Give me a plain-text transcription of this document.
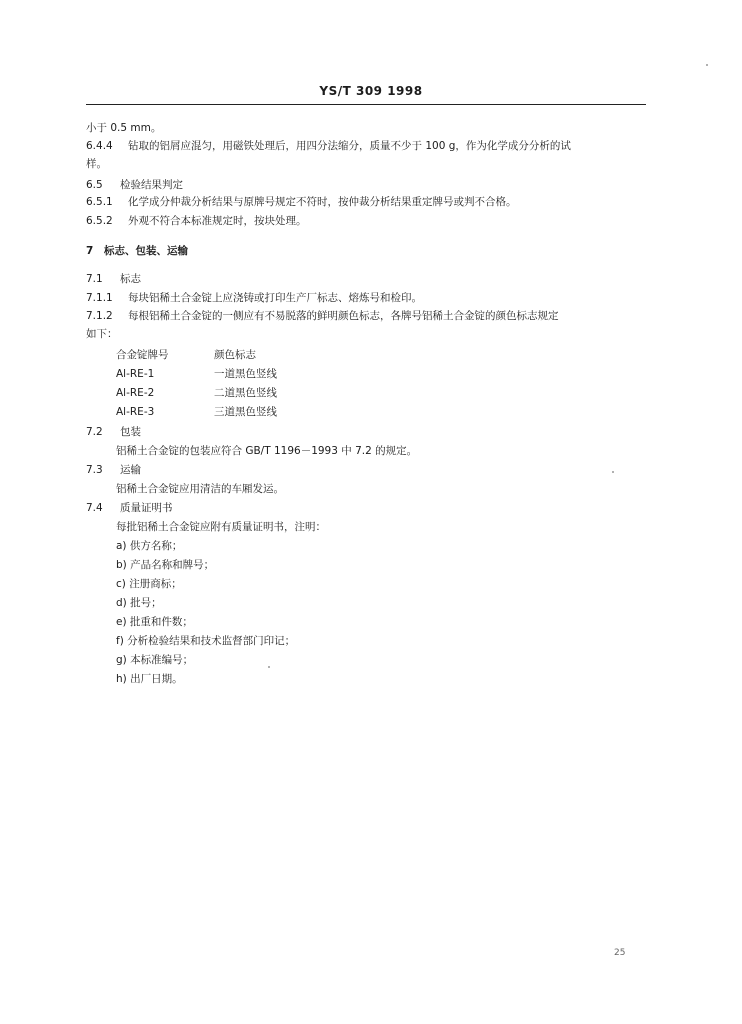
YS/T 309 1998
小于 0.5 mm。
6.4.4 钻取的铝屑应混匀，用磁铁处理后，用四分法缩分，质量不少于 100 g，作为化学成分分析的试
样。
6.5 检验结果判定
6.5.1 化学成分仲裁分析结果与原牌号规定不符时，按仲裁分析结果重定牌号或判不合格。
6.5.2 外观不符合本标准规定时，按块处理。
7 标志、包装、运输
7.1 标志
7.1.1 每块铝稀土合金锭上应浇铸或打印生产厂标志、熔炼号和检印。
7.1.2 每根铝稀土合金锭的一侧应有不易脱落的鲜明颜色标志，各牌号铝稀土合金锭的颜色标志规定
如下：
合金锭牌号	颜色标志
Al-RE-1	一道黑色竖线
Al-RE-2	二道黑色竖线
Al-RE-3	三道黑色竖线
7.2 包装
铝稀土合金锭的包装应符合 GB/T 1196－1993 中 7.2 的规定。
7.3 运输
铝稀土合金锭应用清洁的车厢发运。
7.4 质量证明书
每批铝稀土合金锭应附有质量证明书，注明：
a) 供方名称；
b) 产品名称和牌号；
c) 注册商标；
d) 批号；
e) 批重和件数；
f) 分析检验结果和技术监督部门印记；
g) 本标准编号；
h) 出厂日期。
25
